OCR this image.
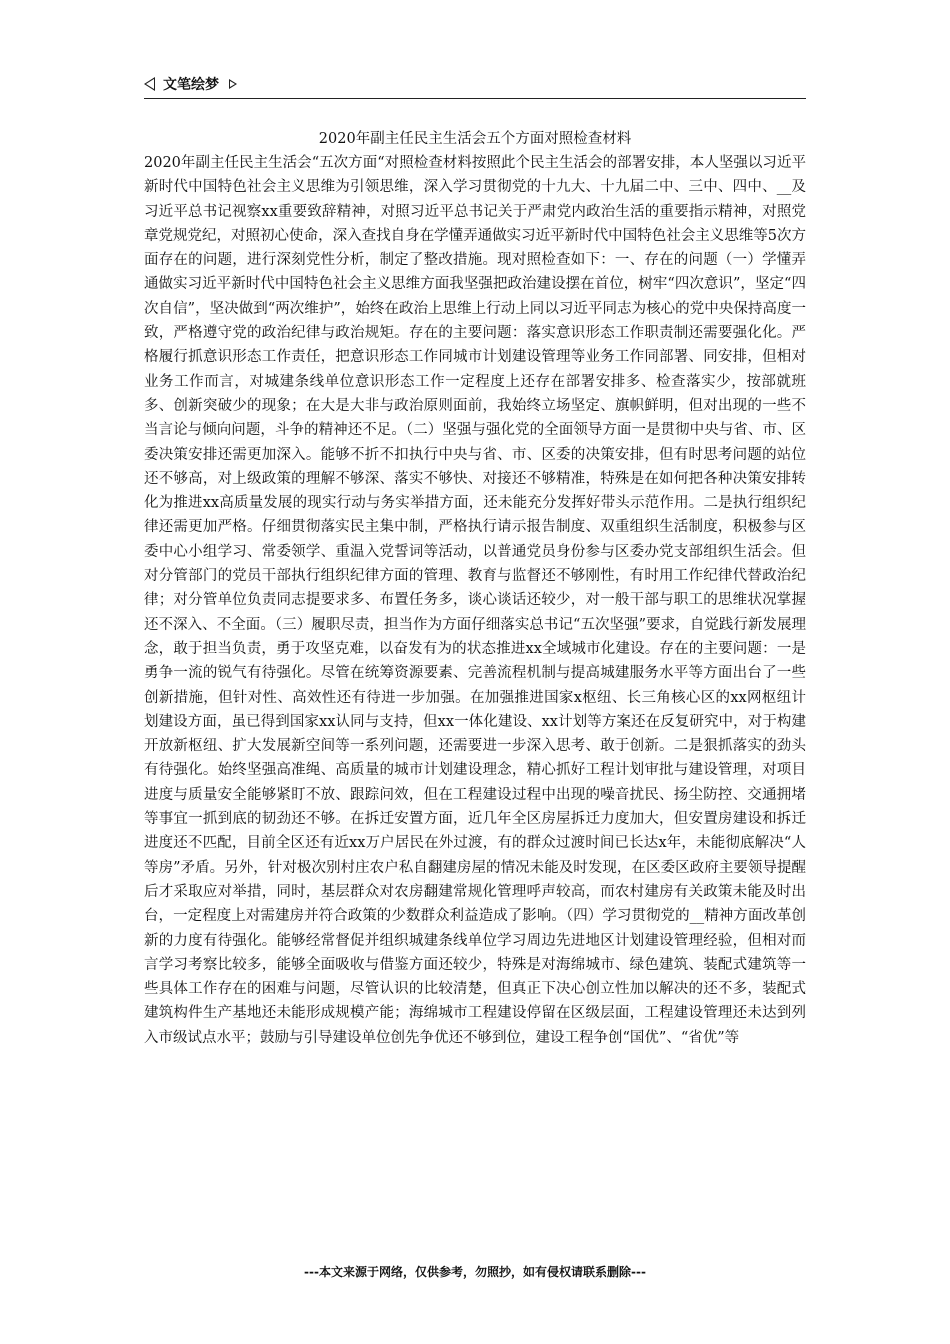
文笔绘梦
2020年副主任民主生活会五个方面对照检查材料

2020年副主任民主生活会“五次方面“对照检查材料按照此个民主生活会的部署安排，本人坚强以习近平新时代中国特色社会主义思维为引领思维，深入学习贯彻党的十九大、十九届二中、三中、四中、__及习近平总书记视察xx重要致辞精神，对照习近平总书记关于严肃党内政治生活的重要指示精神，对照党章党规党纪，对照初心使命，深入查找自身在学懂弄通做实习近平新时代中国特色社会主义思维等5次方面存在的问题，进行深刻党性分析，制定了整改措施。现对照检查如下：一、存在的问题（一）学懂弄通做实习近平新时代中国特色社会主义思维方面我坚强把政治建设摆在首位，树牢“四次意识”，坚定“四次自信”，坚决做到“两次维护”，始终在政治上思维上行动上同以习近平同志为核心的党中央保持高度一致，严格遵守党的政治纪律与政治规矩。存在的主要问题：落实意识形态工作职责制还需要强化化。严格履行抓意识形态工作责任，把意识形态工作同城市计划建设管理等业务工作同部署、同安排，但相对业务工作而言，对城建条线单位意识形态工作一定程度上还存在部署安排多、检查落实少，按部就班多、创新突破少的现象；在大是大非与政治原则面前，我始终立场坚定、旗帜鲜明，但对出现的一些不当言论与倾向问题，斗争的精神还不足。（二）坚强与强化党的全面领导方面一是贯彻中央与省、市、区委决策安排还需更加深入。能够不折不扣执行中央与省、市、区委的决策安排，但有时思考问题的站位还不够高，对上级政策的理解不够深、落实不够快、对接还不够精准，特殊是在如何把各种决策安排转化为推进xx高质量发展的现实行动与务实举措方面，还未能充分发挥好带头示范作用。二是执行组织纪律还需更加严格。仔细贯彻落实民主集中制，严格执行请示报告制度、双重组织生活制度，积极参与区委中心小组学习、常委领学、重温入党誓词等活动，以普通党员身份参与区委办党支部组织生活会。但对分管部门的党员干部执行组织纪律方面的管理、教育与监督还不够刚性，有时用工作纪律代替政治纪律；对分管单位负责同志提要求多、布置任务多，谈心谈话还较少，对一般干部与职工的思维状况掌握还不深入、不全面。（三）履职尽责，担当作为方面仔细落实总书记“五次坚强”要求，自觉践行新发展理念，敢于担当负责，勇于攻坚克难，以奋发有为的状态推进xx全域城市化建设。存在的主要问题：一是勇争一流的锐气有待强化。尽管在统筹资源要素、完善流程机制与提高城建服务水平等方面出台了一些创新措施，但针对性、高效性还有待进一步加强。在加强推进国家x枢纽、长三角核心区的xx网枢纽计划建设方面，虽已得到国家xx认同与支持，但xx一体化建设、xx计划等方案还在反复研究中，对于构建开放新枢纽、扩大发展新空间等一系列问题，还需要进一步深入思考、敢于创新。二是狠抓落实的劲头有待强化。始终坚强高准绳、高质量的城市计划建设理念，精心抓好工程计划审批与建设管理，对项目进度与质量安全能够紧盯不放、跟踪问效，但在工程建设过程中出现的噪音扰民、扬尘防控、交通拥堵等事宜一抓到底的韧劲还不够。在拆迁安置方面，近几年全区房屋拆迁力度加大，但安置房建设和拆迁进度还不匹配，目前全区还有近xx万户居民在外过渡，有的群众过渡时间已长达x年，未能彻底解决“人等房”矛盾。另外，针对极次别村庄农户私自翻建房屋的情况未能及时发现，在区委区政府主要领导提醒后才采取应对举措，同时，基层群众对农房翻建常规化管理呼声较高，而农村建房有关政策未能及时出台，一定程度上对需建房并符合政策的少数群众利益造成了影响。（四）学习贯彻党的__精神方面改革创新的力度有待强化。能够经常督促并组织城建条线单位学习周边先进地区计划建设管理经验，但相对而言学习考察比较多，能够全面吸收与借鉴方面还较少，特殊是对海绵城市、绿色建筑、装配式建筑等一些具体工作存在的困难与问题，尽管认识的比较清楚，但真正下决心创立性加以解决的还不多，装配式建筑构件生产基地还未能形成规模产能；海绵城市工程建设停留在区级层面，工程建设管理还未达到列入市级试点水平；鼓励与引导建设单位创先争优还不够到位，建设工程争创“国优”、“省优”等

---本文来源于网络，仅供参考，勿照抄，如有侵权请联系删除---
